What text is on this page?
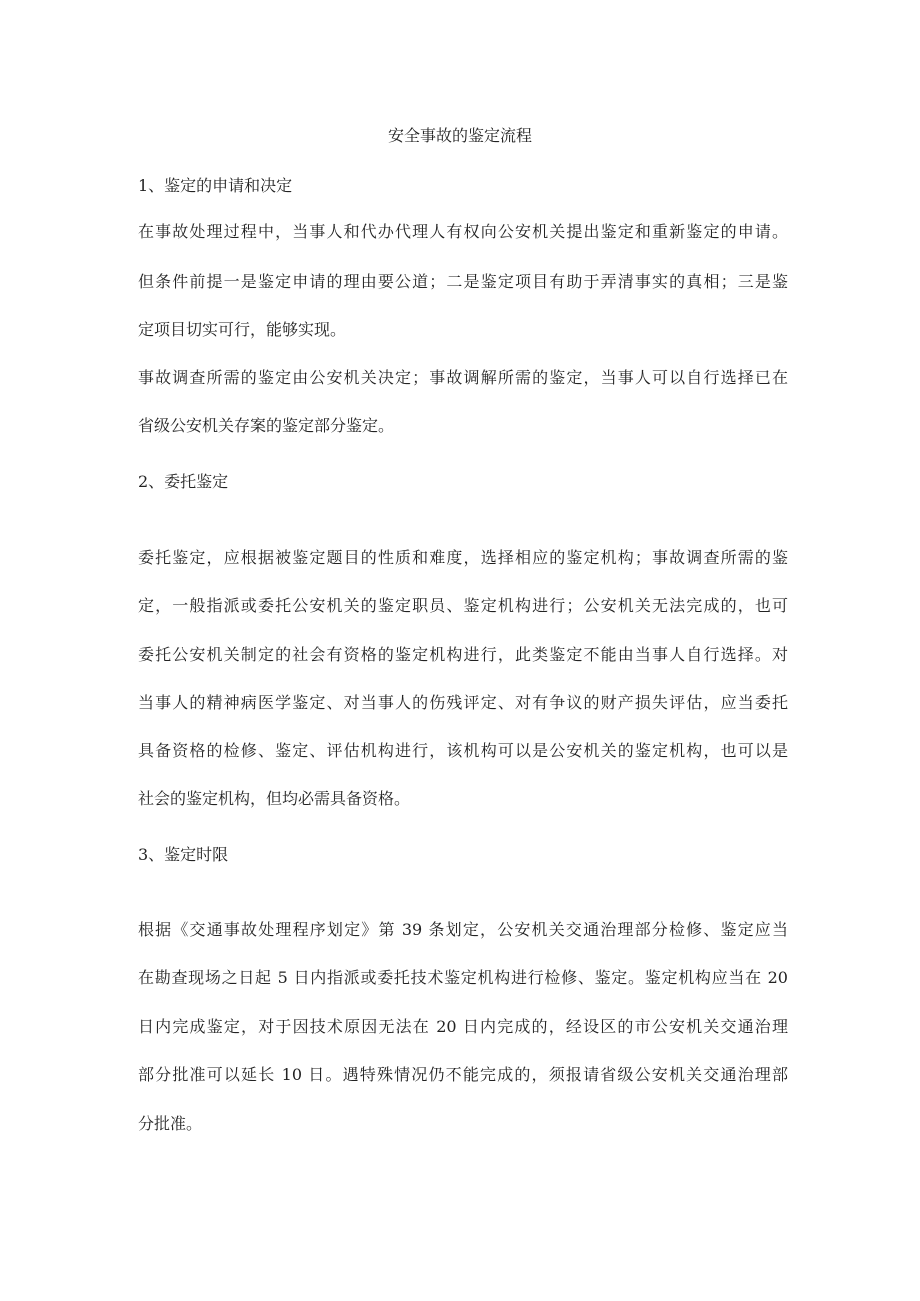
安全事故的鉴定流程
1、鉴定的申请和决定

在事故处理过程中，当事人和代办代理人有权向公安机关提出鉴定和重新鉴定的申请。

但条件前提一是鉴定申请的理由要公道；二是鉴定项目有助于弄清事实的真相；三是鉴

定项目切实可行，能够实现。

事故调查所需的鉴定由公安机关决定；事故调解所需的鉴定，当事人可以自行选择已在

省级公安机关存案的鉴定部分鉴定。

2、委托鉴定

委托鉴定，应根据被鉴定题目的性质和难度，选择相应的鉴定机构；事故调查所需的鉴

定，一般指派或委托公安机关的鉴定职员、鉴定机构进行；公安机关无法完成的，也可

委托公安机关制定的社会有资格的鉴定机构进行，此类鉴定不能由当事人自行选择。对

当事人的精神病医学鉴定、对当事人的伤残评定、对有争议的财产损失评估，应当委托

具备资格的检修、鉴定、评估机构进行，该机构可以是公安机关的鉴定机构，也可以是

社会的鉴定机构，但均必需具备资格。

3、鉴定时限

根据《交通事故处理程序划定》第 39 条划定，公安机关交通治理部分检修、鉴定应当

在勘查现场之日起 5 日内指派或委托技术鉴定机构进行检修、鉴定。鉴定机构应当在 20

日内完成鉴定，对于因技术原因无法在 20 日内完成的，经设区的市公安机关交通治理

部分批准可以延长 10 日。遇特殊情况仍不能完成的，须报请省级公安机关交通治理部

分批准。
